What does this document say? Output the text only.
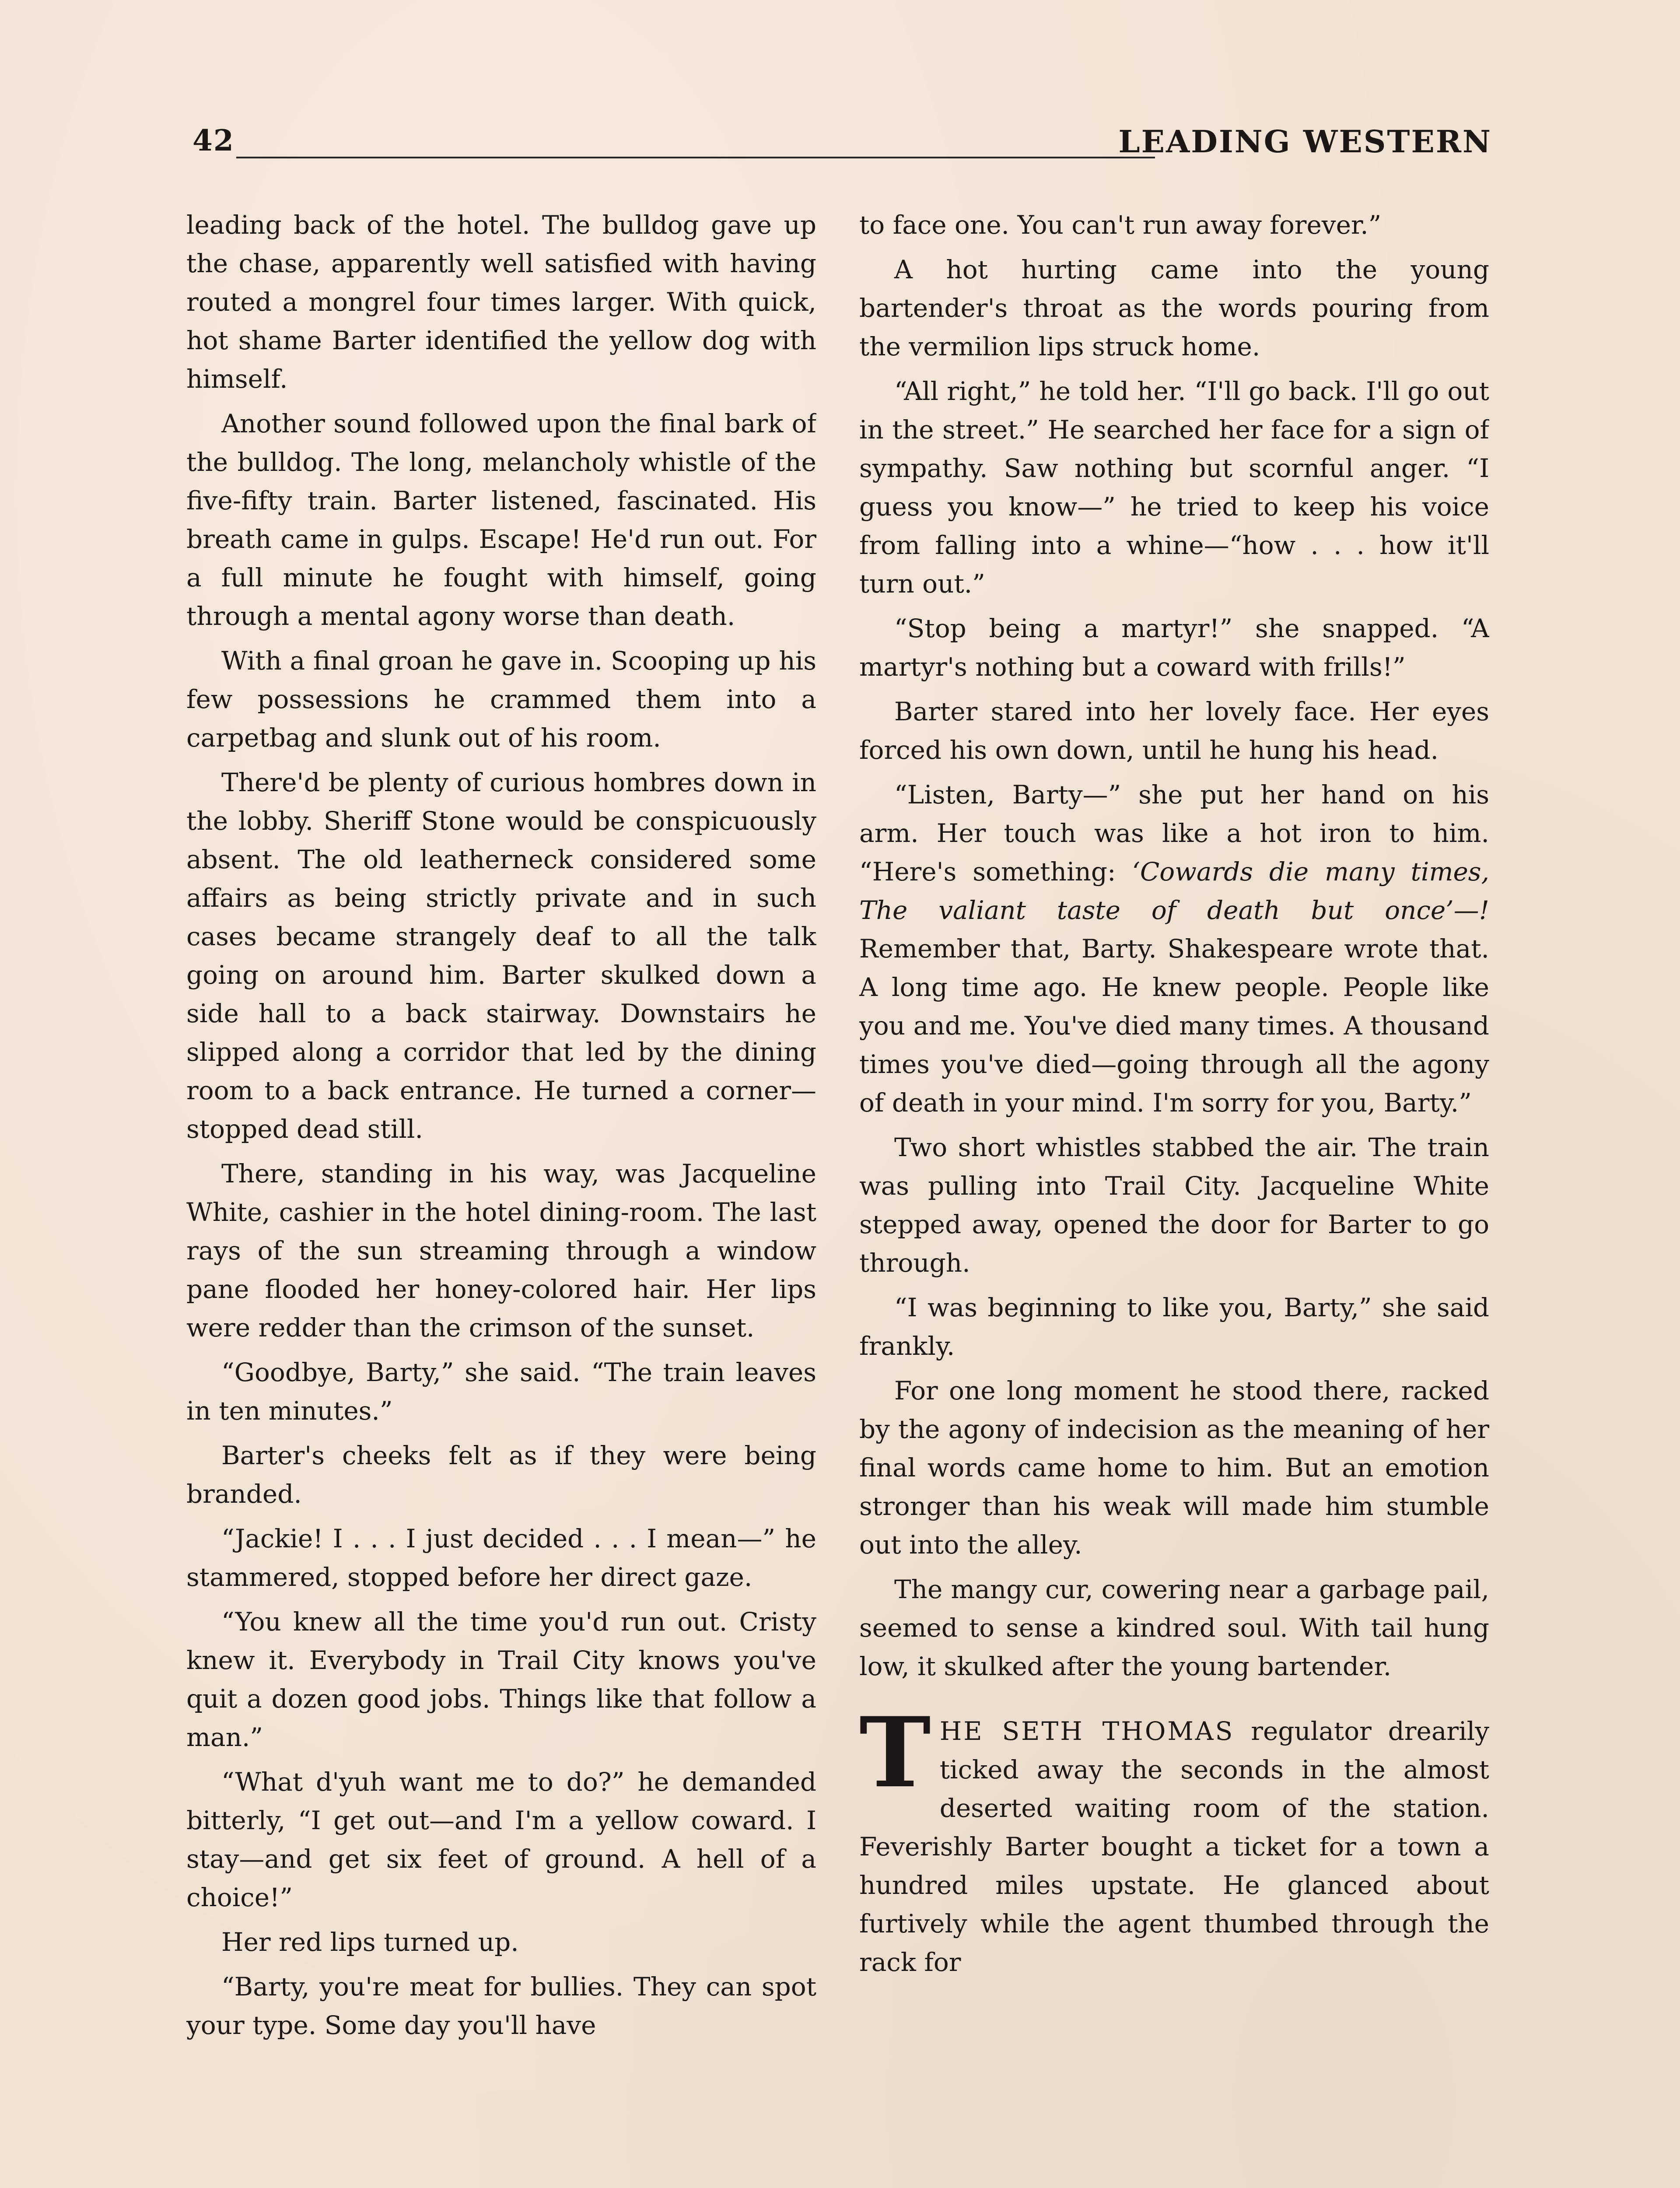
42	LEADING WESTERN

leading back of the hotel. The bulldog gave up the chase, apparently well satisfied with having routed a mongrel four times larger. With quick, hot shame Barter identified the yellow dog with himself.

Another sound followed upon the final bark of the bulldog. The long, melancholy whistle of the five-fifty train. Barter listened, fascinated. His breath came in gulps. Escape! He'd run out. For a full minute he fought with himself, going through a mental agony worse than death.

With a final groan he gave in. Scooping up his few possessions he crammed them into a carpetbag and slunk out of his room.

There'd be plenty of curious hombres down in the lobby. Sheriff Stone would be conspicuously absent. The old leatherneck considered some affairs as being strictly private and in such cases became strangely deaf to all the talk going on around him. Barter skulked down a side hall to a back stairway. Downstairs he slipped along a corridor that led by the dining room to a back entrance. He turned a corner—stopped dead still.

There, standing in his way, was Jacqueline White, cashier in the hotel dining-room. The last rays of the sun streaming through a window pane flooded her honey-colored hair. Her lips were redder than the crimson of the sunset.

“Goodbye, Barty,” she said. “The train leaves in ten minutes.”

Barter's cheeks felt as if they were being branded.

“Jackie! I . . . I just decided . . . I mean—” he stammered, stopped before her direct gaze.

“You knew all the time you'd run out. Cristy knew it. Everybody in Trail City knows you've quit a dozen good jobs. Things like that follow a man.”

“What d'yuh want me to do?” he demanded bitterly, “I get out—and I'm a yellow coward. I stay—and get six feet of ground. A hell of a choice!”

Her red lips turned up.

“Barty, you're meat for bullies. They can spot your type. Some day you'll have

to face one. You can't run away forever.”

A hot hurting came into the young bartender's throat as the words pouring from the vermilion lips struck home.

“All right,” he told her. “I'll go back. I'll go out in the street.” He searched her face for a sign of sympathy. Saw nothing but scornful anger. “I guess you know—” he tried to keep his voice from falling into a whine—“how . . . how it'll turn out.”

“Stop being a martyr!” she snapped. “A martyr's nothing but a coward with frills!”

Barter stared into her lovely face. Her eyes forced his own down, until he hung his head.

“Listen, Barty—” she put her hand on his arm. Her touch was like a hot iron to him. “Here's something: ‘Cowards die many times, The valiant taste of death but once’—! Remember that, Barty. Shakespeare wrote that. A long time ago. He knew people. People like you and me. You've died many times. A thousand times you've died—going through all the agony of death in your mind. I'm sorry for you, Barty.”

Two short whistles stabbed the air. The train was pulling into Trail City. Jacqueline White stepped away, opened the door for Barter to go through.

“I was beginning to like you, Barty,” she said frankly.

For one long moment he stood there, racked by the agony of indecision as the meaning of her final words came home to him. But an emotion stronger than his weak will made him stumble out into the alley.

The mangy cur, cowering near a garbage pail, seemed to sense a kindred soul. With tail hung low, it skulked after the young bartender.

THE SETH THOMAS regulator drearily ticked away the seconds in the almost deserted waiting room of the station. Feverishly Barter bought a ticket for a town a hundred miles upstate. He glanced about furtively while the agent thumbed through the rack for
